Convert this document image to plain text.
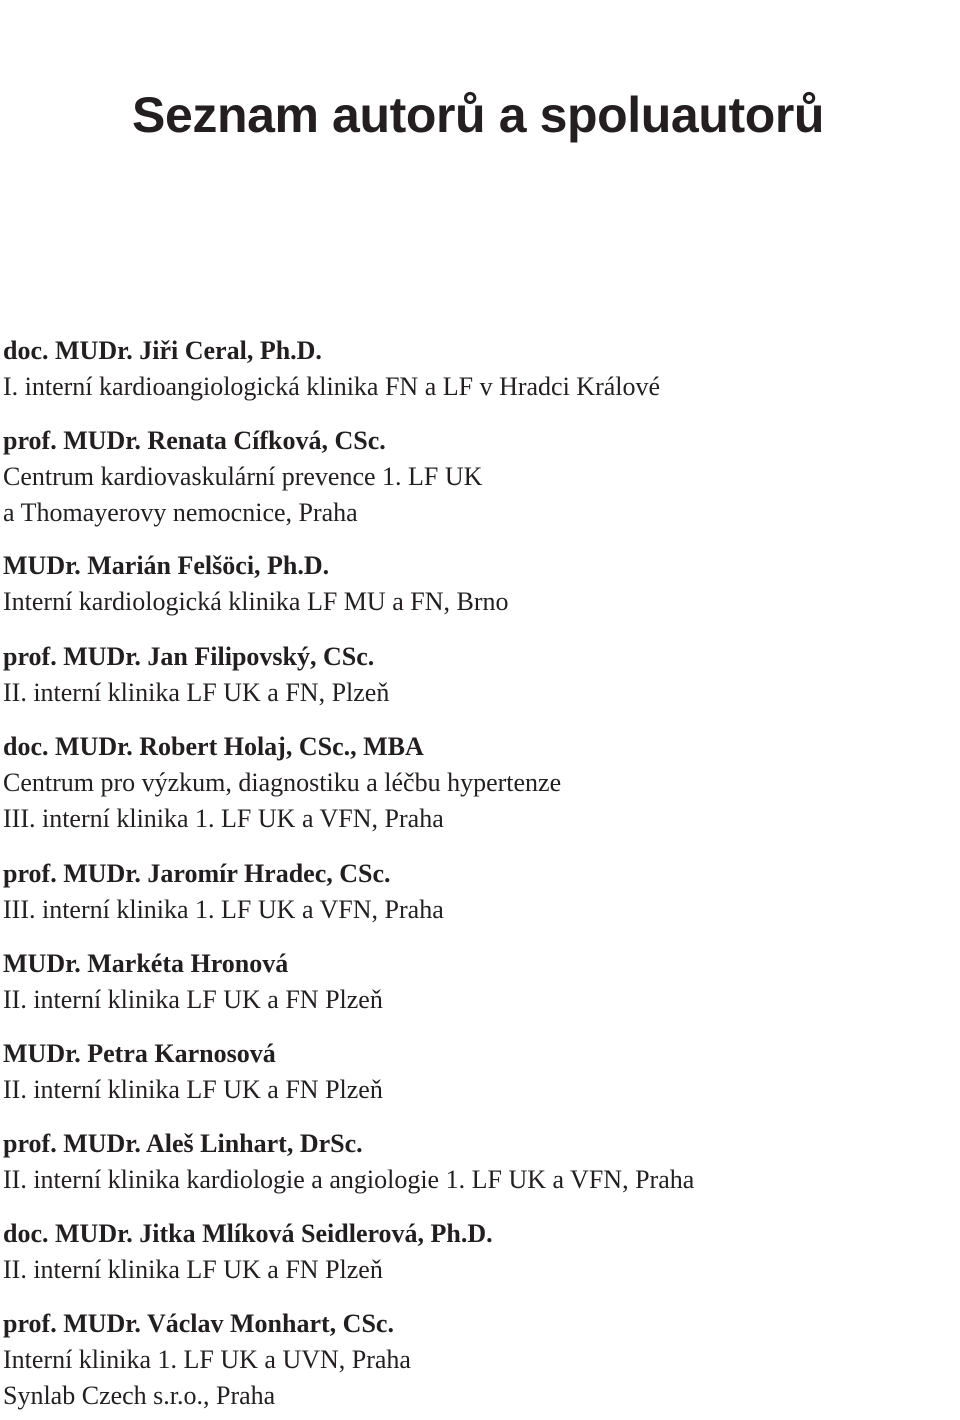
Seznam autorů a spoluautorů
doc. MUDr. Jiři Ceral, Ph.D.
I. interní kardioangiologická klinika FN a LF v Hradci Králové
prof. MUDr. Renata Cífková, CSc.
Centrum kardiovaskulární prevence 1. LF UK
a Thomayerovy nemocnice, Praha
MUDr. Marián Felšöci, Ph.D.
Interní kardiologická klinika LF MU a FN, Brno
prof. MUDr. Jan Filipovský, CSc.
II. interní klinika LF UK a FN, Plzeň
doc. MUDr. Robert Holaj, CSc., MBA
Centrum pro výzkum, diagnostiku a léčbu hypertenze
III. interní klinika 1. LF UK a VFN, Praha
prof. MUDr. Jaromír Hradec, CSc.
III. interní klinika 1. LF UK a VFN, Praha
MUDr. Markéta Hronová
II. interní klinika LF UK a FN Plzeň
MUDr. Petra Karnosová
II. interní klinika LF UK a FN Plzeň
prof. MUDr. Aleš Linhart, DrSc.
II. interní klinika kardiologie a angiologie 1. LF UK a VFN, Praha
doc. MUDr. Jitka Mlíková Seidlerová, Ph.D.
II. interní klinika LF UK a FN Plzeň
prof. MUDr. Václav Monhart, CSc.
Interní klinika 1. LF UK a UVN, Praha
Synlab Czech s.r.o., Praha
